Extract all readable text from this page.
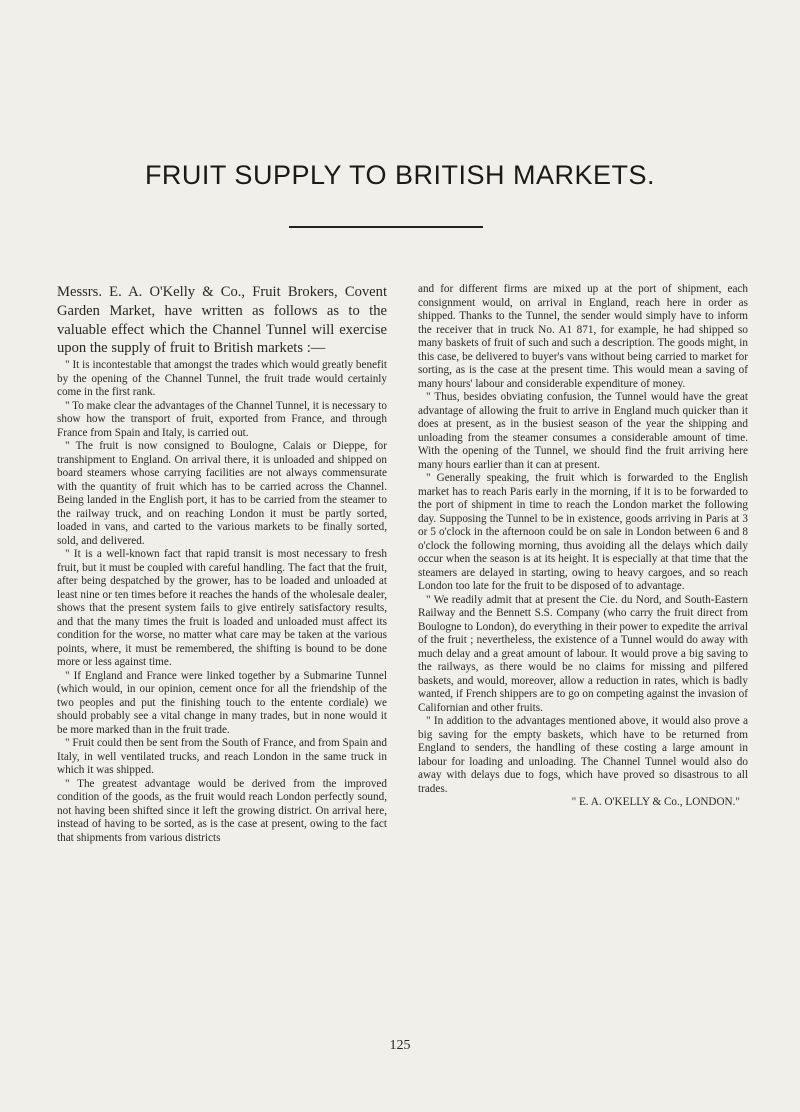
FRUIT SUPPLY TO BRITISH MARKETS.

Messrs. E. A. O'Kelly & Co., Fruit Brokers, Covent Garden Market, have written as follows as to the valuable effect which the Channel Tunnel will exercise upon the supply of fruit to British markets :—

" It is incontestable that amongst the trades which would greatly benefit by the opening of the Channel Tunnel, the fruit trade would certainly come in the first rank.

" To make clear the advantages of the Channel Tunnel, it is necessary to show how the transport of fruit, exported from France, and through France from Spain and Italy, is carried out.

" The fruit is now consigned to Boulogne, Calais or Dieppe, for transhipment to England. On arrival there, it is unloaded and shipped on board steamers whose carrying facilities are not always commensurate with the quantity of fruit which has to be carried across the Channel. Being landed in the English port, it has to be carried from the steamer to the railway truck, and on reaching London it must be partly sorted, loaded in vans, and carted to the various markets to be finally sorted, sold, and delivered.

" It is a well-known fact that rapid transit is most necessary to fresh fruit, but it must be coupled with careful handling. The fact that the fruit, after being despatched by the grower, has to be loaded and unloaded at least nine or ten times before it reaches the hands of the wholesale dealer, shows that the present system fails to give entirely satisfactory results, and that the many times the fruit is loaded and unloaded must affect its condition for the worse, no matter what care may be taken at the various points, where, it must be remembered, the shifting is bound to be done more or less against time.

" If England and France were linked together by a Submarine Tunnel (which would, in our opinion, cement once for all the friendship of the two peoples and put the finishing touch to the entente cordiale) we should probably see a vital change in many trades, but in none would it be more marked than in the fruit trade.

" Fruit could then be sent from the South of France, and from Spain and Italy, in well ventilated trucks, and reach London in the same truck in which it was shipped.

" The greatest advantage would be derived from the improved condition of the goods, as the fruit would reach London perfectly sound, not having been shifted since it left the growing district. On arrival here, instead of having to be sorted, as is the case at present, owing to the fact that shipments from various districts

and for different firms are mixed up at the port of shipment, each consignment would, on arrival in England, reach here in order as shipped. Thanks to the Tunnel, the sender would simply have to inform the receiver that in truck No. A1 871, for example, he had shipped so many baskets of fruit of such and such a description. The goods might, in this case, be delivered to buyer's vans without being carried to market for sorting, as is the case at the present time. This would mean a saving of many hours' labour and considerable expenditure of money.

" Thus, besides obviating confusion, the Tunnel would have the great advantage of allowing the fruit to arrive in England much quicker than it does at present, as in the busiest season of the year the shipping and unloading from the steamer consumes a considerable amount of time. With the opening of the Tunnel, we should find the fruit arriving here many hours earlier than it can at present.

" Generally speaking, the fruit which is forwarded to the English market has to reach Paris early in the morning, if it is to be forwarded to the port of shipment in time to reach the London market the following day. Supposing the Tunnel to be in existence, goods arriving in Paris at 3 or 5 o'clock in the afternoon could be on sale in London between 6 and 8 o'clock the following morning, thus avoiding all the delays which daily occur when the season is at its height. It is especially at that time that the steamers are delayed in starting, owing to heavy cargoes, and so reach London too late for the fruit to be disposed of to advantage.

" We readily admit that at present the Cie. du Nord, and South-Eastern Railway and the Bennett S.S. Company (who carry the fruit direct from Boulogne to London), do everything in their power to expedite the arrival of the fruit ; nevertheless, the existence of a Tunnel would do away with much delay and a great amount of labour. It would prove a big saving to the railways, as there would be no claims for missing and pilfered baskets, and would, moreover, allow a reduction in rates, which is badly wanted, if French shippers are to go on competing against the invasion of Californian and other fruits.

" In addition to the advantages mentioned above, it would also prove a big saving for the empty baskets, which have to be returned from England to senders, the handling of these costing a large amount in labour for loading and unloading. The Channel Tunnel would also do away with delays due to fogs, which have proved so disastrous to all trades.

" E. A. O'KELLY & Co., LONDON."

125
